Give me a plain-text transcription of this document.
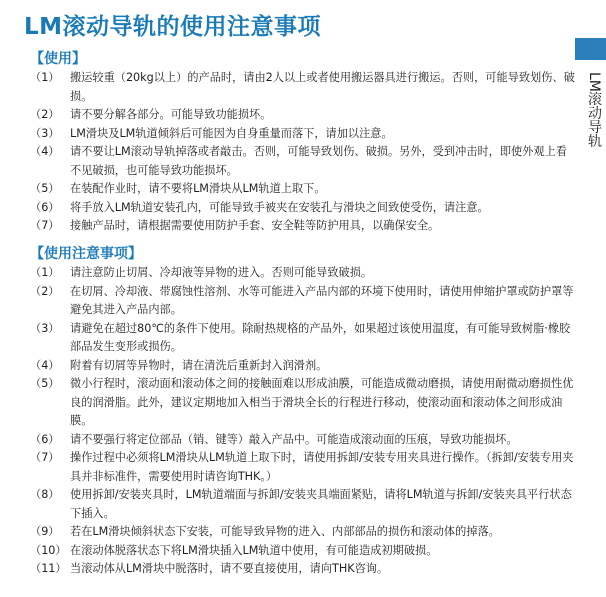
LM滚动导轨的使用注意事项
LM滚动导轨
【使用】
（1） 搬运较重（20kg以上）的产品时，请由2人以上或者使用搬运器具进行搬运。否则，可能导致划伤、破损。
（2） 请不要分解各部分。可能导致功能损坏。
（3） LM滑块及LM轨道倾斜后可能因为自身重量而落下，请加以注意。
（4） 请不要让LM滚动导轨掉落或者敲击。否则，可能导致划伤、破损。另外，受到冲击时，即使外观上看不见破损，也可能导致功能损坏。
（5） 在装配作业时，请不要将LM滑块从LM轨道上取下。
（6） 将手放入LM轨道安装孔内，可能导致手被夹在安装孔与滑块之间致使受伤，请注意。
（7） 接触产品时，请根据需要使用防护手套、安全鞋等防护用具，以确保安全。
【使用注意事项】
（1） 请注意防止切屑、冷却液等异物的进入。否则可能导致破损。
（2） 在切屑、冷却液、带腐蚀性溶剂、水等可能进入产品内部的环境下使用时，请使用伸缩护罩或防护罩等避免其进入产品内部。
（3） 请避免在超过80℃的条件下使用。除耐热规格的产品外，如果超过该使用温度，有可能导致树脂·橡胶部品发生变形或损伤。
（4） 附着有切屑等异物时，请在清洗后重新封入润滑剂。
（5） 微小行程时，滚动面和滚动体之间的接触面难以形成油膜，可能造成微动磨损，请使用耐微动磨损性优良的润滑脂。此外，建议定期地加入相当于滑块全长的行程进行移动，使滚动面和滚动体之间形成油膜。
（6） 请不要强行将定位部品（销、键等）敲入产品中。可能造成滚动面的压痕，导致功能损坏。
（7） 操作过程中必须将LM滑块从LM轨道上取下时，请使用拆卸/安装专用夹具进行操作。（拆卸/安装专用夹具并非标准件，需要使用时请咨询THK。）
（8） 使用拆卸/安装夹具时，LM轨道端面与拆卸/安装夹具端面紧贴，请将LM轨道与拆卸/安装夹具平行状态下插入。
（9） 若在LM滑块倾斜状态下安装，可能导致异物的进入、内部部品的损伤和滚动体的掉落。
（10） 在滚动体脱落状态下将LM滑块插入LM轨道中使用，有可能造成初期破损。
（11） 当滚动体从LM滑块中脱落时，请不要直接使用，请向THK咨询。
